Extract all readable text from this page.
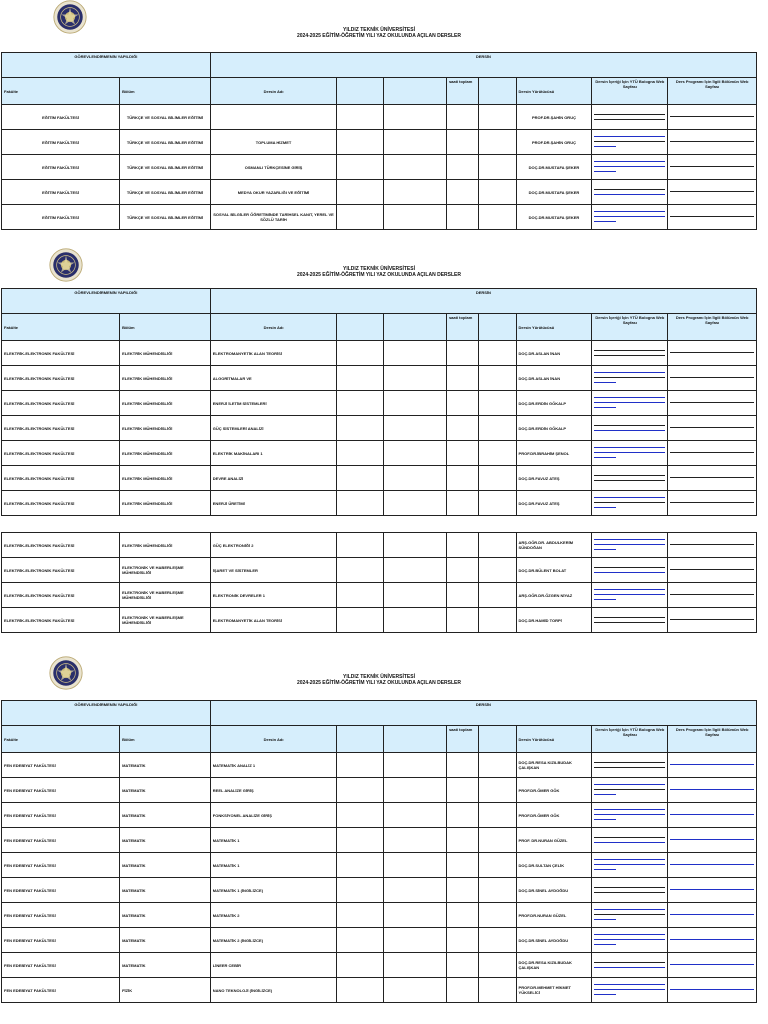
YILDIZ TEKNİK ÜNİVERSİTESİ
2024-2025 EĞİTİM-ÖĞRETİM YILI YAZ OKULUNDA AÇILAN DERSLER
GÖREVLENDİRMENİN YAPILDIĞI		DERSİN							
Fakülte	Bölüm	Dersin Adı			saati toplam		Dersin Yürütücüsü	Dersin İçeriği İçin YTÜ Bologna Web Sayfası	Ders Programı İçin İlgili Bölümün Web Sayfası
EĞİTİM FAKÜLTESİ	TÜRKÇE VE SOSYAL BİLİMLER EĞİTİMİ						PROF.DR.ŞAHİN ORUÇ	

EĞİTİM FAKÜLTESİ	TÜRKÇE VE SOSYAL BİLİMLER EĞİTİMİ	TOPLUMA HİZMET					PROF.DR.ŞAHİN ORUÇ	

EĞİTİM FAKÜLTESİ	TÜRKÇE VE SOSYAL BİLİMLER EĞİTİMİ	OSMANLI TÜRKÇESİNE GİRİŞ					DOÇ.DR.MUSTAFA ŞEKER	

EĞİTİM FAKÜLTESİ	TÜRKÇE VE SOSYAL BİLİMLER EĞİTİMİ	MEDYA OKUR YAZARLIĞI VE EĞİTİMİ					DOÇ.DR.MUSTAFA ŞEKER	

EĞİTİM FAKÜLTESİ	TÜRKÇE VE SOSYAL BİLİMLER EĞİTİMİ	SOSYAL BİLGİLER ÖĞRETİMİNDE TARİHSEL KANIT, YEREL VE SÖZLÜ TARİH					DOÇ.DR.MUSTAFA ŞEKER	

YILDIZ TEKNİK ÜNİVERSİTESİ
2024-2025 EĞİTİM-ÖĞRETİM YILI YAZ OKULUNDA AÇILAN DERSLER
GÖREVLENDİRMENİN YAPILDIĞI		DERSİN							
Fakülte	Bölüm	Dersin Adı			saati toplam		Dersin Yürütücüsü	Dersin İçeriği İçin YTÜ Bologna Web Sayfası	Ders Programı İçin İlgili Bölümün Web Sayfası
ELEKTRİK-ELEKTRONİK FAKÜLTESİ	ELEKTRİK MÜHENDİSLİĞİ	ELEKTROMANYETİK ALAN TEORİSİ					DOÇ.DR.ASLAN İNAN	

ELEKTRİK-ELEKTRONİK FAKÜLTESİ	ELEKTRİK MÜHENDİSLİĞİ	ALGORİTMALAR VE					DOÇ.DR.ASLAN İNAN	

ELEKTRİK-ELEKTRONİK FAKÜLTESİ	ELEKTRİK MÜHENDİSLİĞİ	ENERJİ İLETİM SİSTEMLERİ					DOÇ.DR.ERDİN GÖKALP	

ELEKTRİK-ELEKTRONİK FAKÜLTESİ	ELEKTRİK MÜHENDİSLİĞİ	GÜÇ SİSTEMLERİ ANALİZİ					DOÇ.DR.ERDİN GÖKALP	

ELEKTRİK-ELEKTRONİK FAKÜLTESİ	ELEKTRİK MÜHENDİSLİĞİ	ELEKTRİK MAKİNALARI 1					PROF.DR.İBRAHİM ŞENOL	

ELEKTRİK-ELEKTRONİK FAKÜLTESİ	ELEKTRİK MÜHENDİSLİĞİ	DEVRE ANALİZİ					DOÇ.DR.FAVUZ ATEŞ	

ELEKTRİK-ELEKTRONİK FAKÜLTESİ	ELEKTRİK MÜHENDİSLİĞİ	ENERJİ ÜRETİMİ					DOÇ.DR.FAVUZ ATEŞ	

ELEKTRİK-ELEKTRONİK FAKÜLTESİ	ELEKTRİK MÜHENDİSLİĞİ	GÜÇ ELEKTRONİĞİ 2					ARŞ.GÖR.DR. ABDULKERİM SÜNDOĞAN	

ELEKTRİK-ELEKTRONİK FAKÜLTESİ	ELEKTRONİK VE HABERLEŞME MÜHENDİSLİĞİ	İŞARET VE SİSTEMLER					DOÇ.DR.BÜLENT BOLAT	

ELEKTRİK-ELEKTRONİK FAKÜLTESİ	ELEKTRONİK VE HABERLEŞME MÜHENDİSLİĞİ	ELEKTRONİK DEVRELER 1					ARŞ.GÖR.DR.ÖZGEN NİYAZ	

ELEKTRİK-ELEKTRONİK FAKÜLTESİ	ELEKTRONİK VE HABERLEŞME MÜHENDİSLİĞİ	ELEKTROMANYETİK ALAN TEORİSİ					DOÇ.DR.HAMİD TORPİ	

YILDIZ TEKNİK ÜNİVERSİTESİ
2024-2025 EĞİTİM-ÖĞRETİM YILI YAZ OKULUNDA AÇILAN DERSLER
GÖREVLENDİRMENİN YAPILDIĞI		DERSİN							
Fakülte	Bölüm	Dersin Adı			saati toplam		Dersin Yürütücüsü	Dersin İçeriği İçin YTÜ Bologna Web Sayfası	Ders Programı İçin İlgili Bölümün Web Sayfası
FEN EDEBİYAT FAKÜLTESİ	MATEMATİK	MATEMATİK ANALİZ 1					DOÇ.DR.RESA KIZILBUDAK ÇALIŞKAN	

FEN EDEBİYAT FAKÜLTESİ	MATEMATİK	REEL ANALİZE GİRİŞ					PROF.DR.ÖMER GÖK	

FEN EDEBİYAT FAKÜLTESİ	MATEMATİK	FONKSİYONEL ANALİZE GİRİŞ					PROF.DR.ÖMER GÖK	

FEN EDEBİYAT FAKÜLTESİ	MATEMATİK	MATEMATİK 1					PROF. DR.NURAN GÜZEL	

FEN EDEBİYAT FAKÜLTESİ	MATEMATİK	MATEMATİK 1					DOÇ.DR.SULTAN ÇELİK	

FEN EDEBİYAT FAKÜLTESİ	MATEMATİK	MATEMATİK 1 (İNGİLİZCE)					DOÇ.DR.SİNEL AYDOĞDU	

FEN EDEBİYAT FAKÜLTESİ	MATEMATİK	MATEMATİK 2					PROF.DR.NURAN GÜZEL	

FEN EDEBİYAT FAKÜLTESİ	MATEMATİK	MATEMATİK 2 (İNGİLİZCE)					DOÇ.DR.SİNEL AYDOĞDU	

FEN EDEBİYAT FAKÜLTESİ	MATEMATİK	LİNEER CEBİR					DOÇ.DR.RESA KIZILBUDAK ÇALIŞKAN	

FEN EDEBİYAT FAKÜLTESİ	FİZİK	NANO TEKNOLOJİ (İNGİLİZCE)					PROF.DR.MEHMET HİKMET YÜKSELİCİ	
